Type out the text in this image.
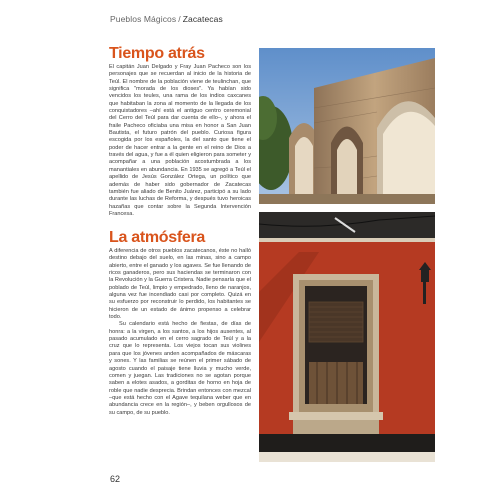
Pueblos Mágicos / Zacatecas
Tiempo atrás

El capitán Juan Delgado y Fray Juan Pacheco son los personajes que se recuerdan al inicio de la historia de Teúl. El nombre de la población viene de teulinchan, que significa "morada de los dioses". Ya habían sido vencidos los teules, una rama de los indios caxcanes que habitaban la zona al momento de la llegada de los conquistadores –ahí está el antiguo centro ceremonial del Cerro del Teúl para dar cuenta de ello–, y ahora el fraile Pacheco oficiaba una misa en honor a San Juan Bautista, el futuro patrón del pueblo. Curiosa figura escogida por los españoles, la del santo que tiene el poder de hacer entrar a la gente en el reino de Dios a través del agua, y fue a él quien eligieron para someter y acompañar a una población acostumbrada a los manantiales en abundancia. En 1935 se agregó a Teúl el apellido de Jesús González Ortega, un político que además de haber sido gobernador de Zacatecas también fue aliado de Benito Juárez, participó a su lado durante las luchas de Reforma, y después tuvo heroicas hazañas que contar sobre la Segunda Intervención Francesa.

La atmósfera

A diferencia de otros pueblos zacatecanos, éste no halló destino debajo del suelo, en las minas, sino a campo abierto, entre el ganado y los agaves. Se fue llenando de ricos ganaderos, pero sus haciendas se terminaron con la Revolución y la Guerra Cristera. Nadie pensaría que el poblado de Teúl, limpio y empedrado, lleno de naranjos, alguna vez fue incendiado casi por completo. Quizá en su esfuerzo por reconstruir lo perdido, los habitantes se hicieron de un estado de ánimo propenso a celebrar todo.

Su calendario está hecho de fiestas, de días de honra: a la virgen, a los santos, a los hijos ausentes, al pasado acumulado en el cerro sagrado de Teúl y a la cruz que lo representa. Los viejos tocan sus violines para que los jóvenes anden acompañados de máscaras y sones. Y las familias se reúnen el primer sábado de agosto cuando el paisaje tiene lluvia y mucho verde, comen y juegan. Las tradiciones no se agotan porque saben a elotes asados, a gorditas de horno en hoja de roble que nadie desprecia. Brindan entonces con mezcal –que está hecho con el Agave tequilana weber que en abundancia crece en la región–, y beben orgullosos de su campo, de su pueblo.

62
